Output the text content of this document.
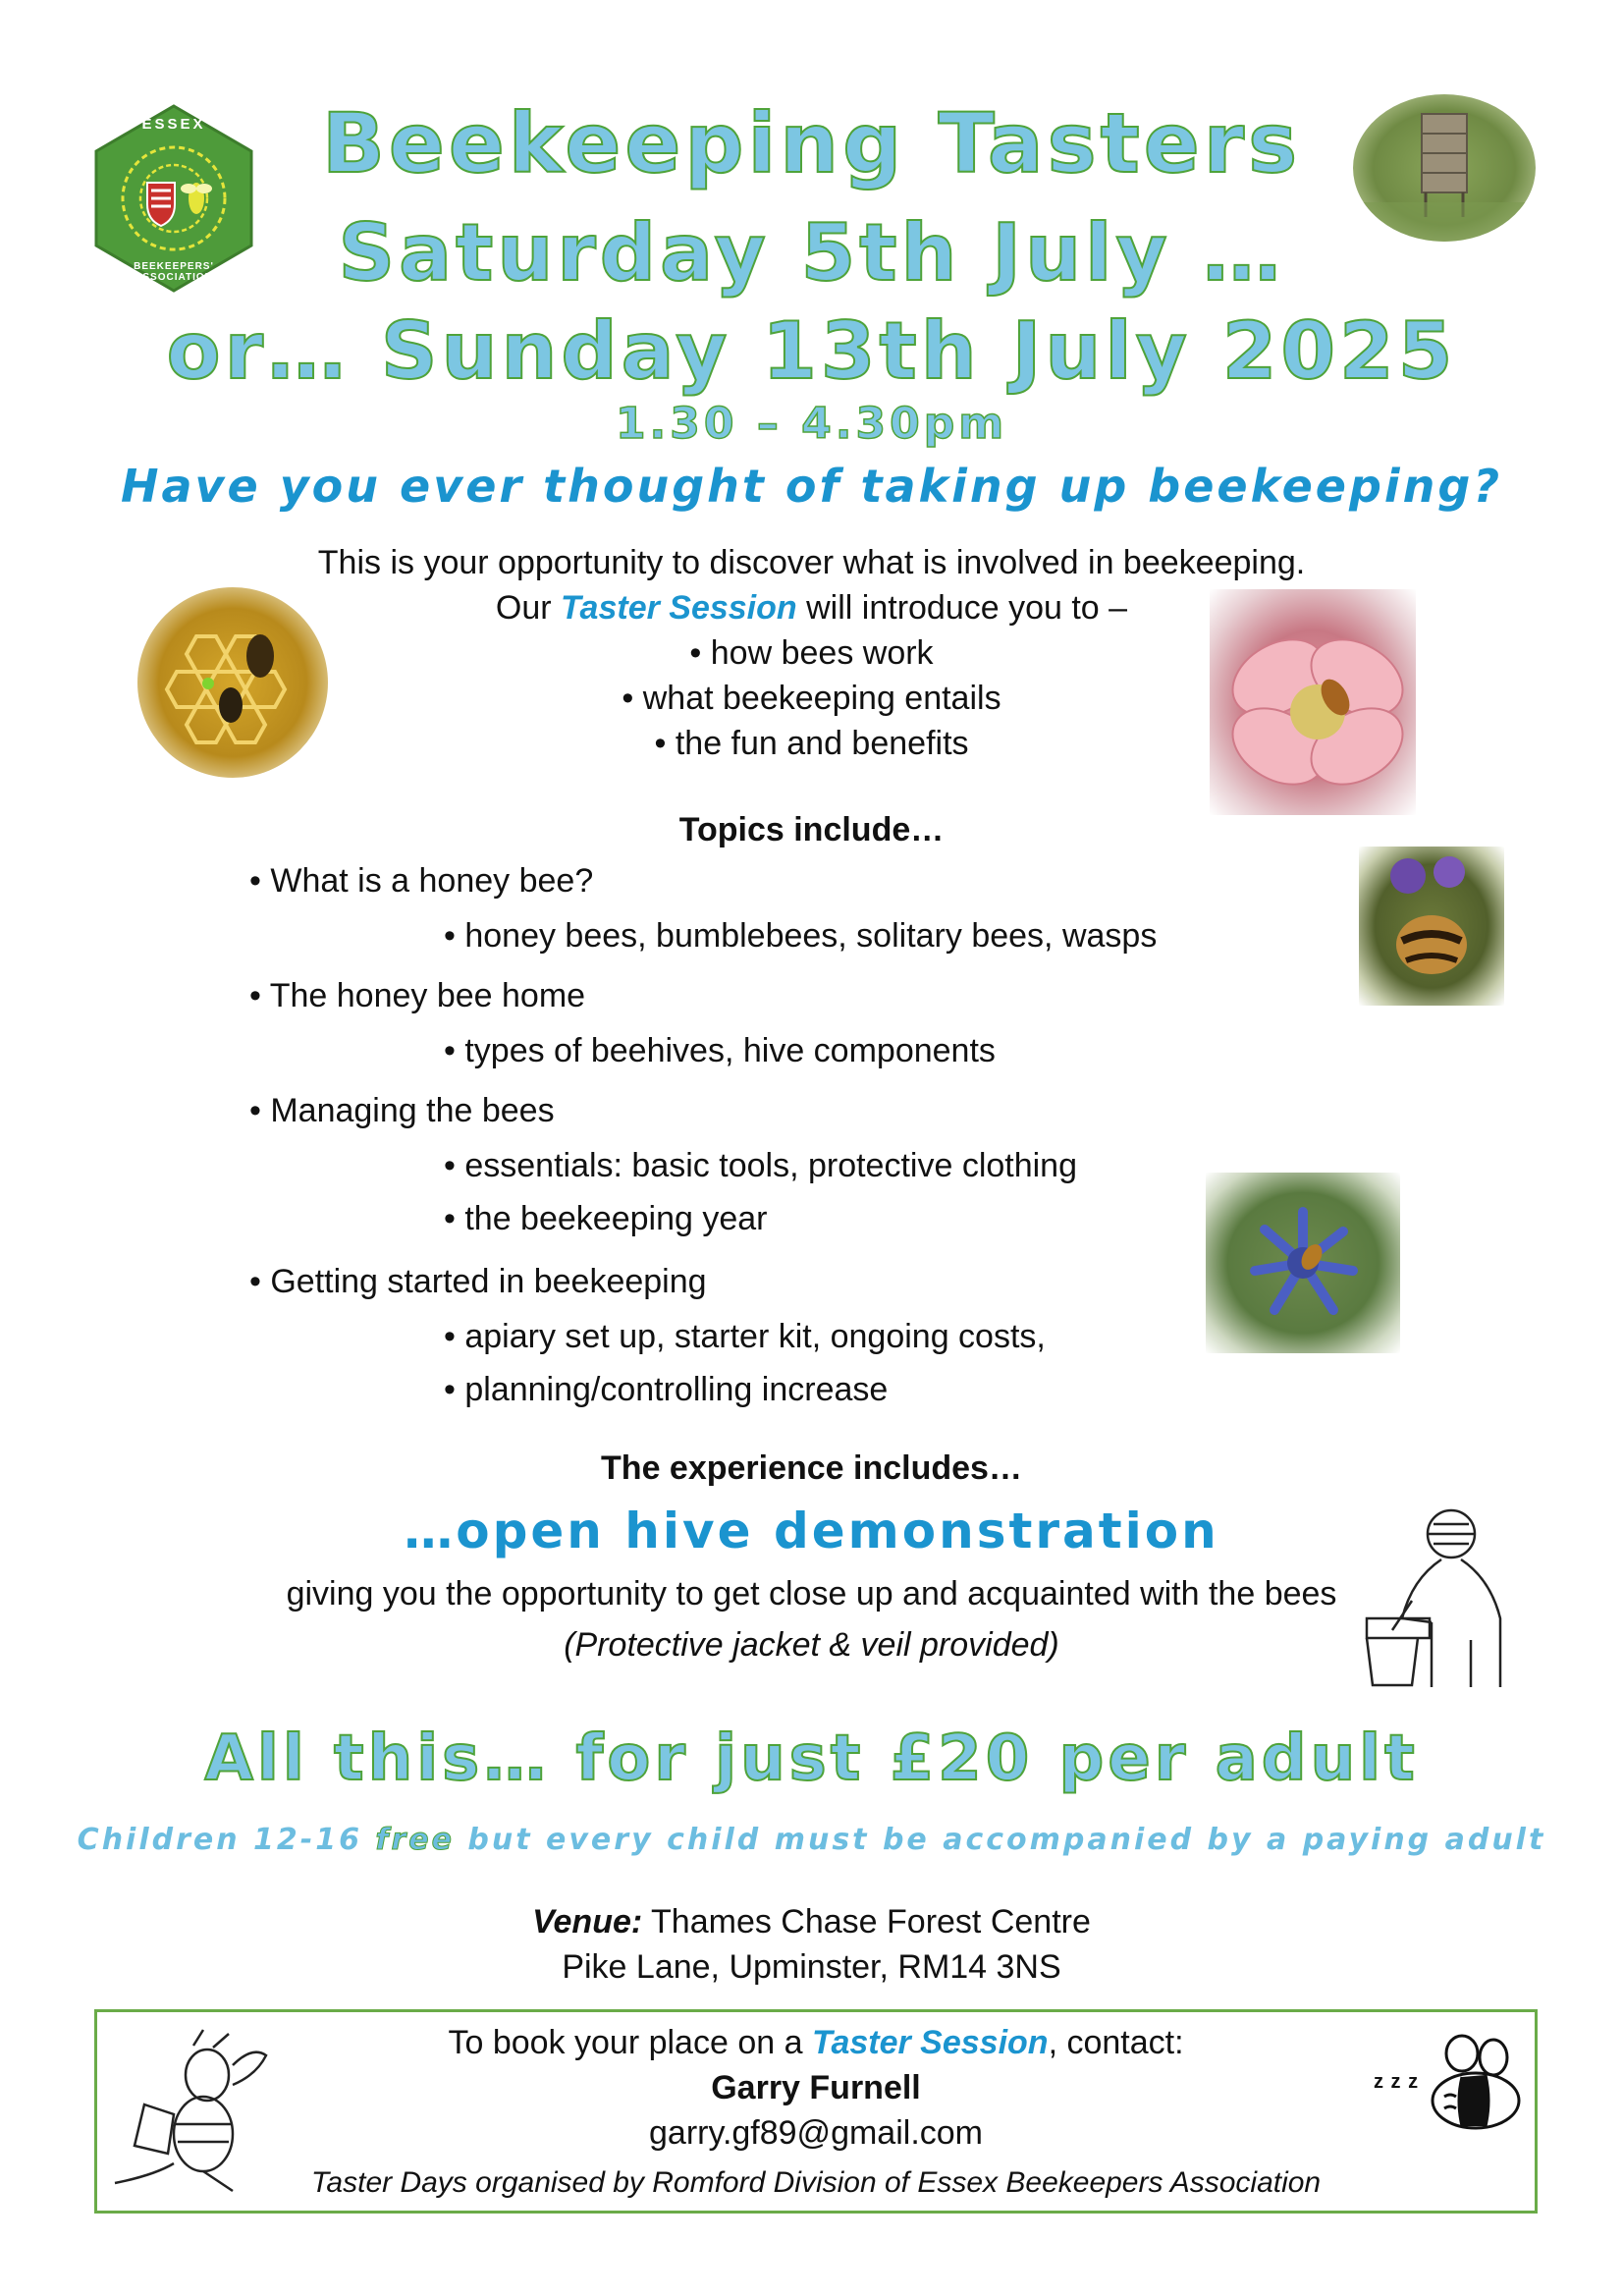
ESSEX
BEEKEEPERS' ASSOCIATION
Beekeeping Tasters
Saturday 5th July …
or… Sunday 13th July 2025
1.30 – 4.30pm
Have you ever thought of taking up beekeeping?
This is your opportunity to discover what is involved in beekeeping.
Our Taster Session will introduce you to –
• how bees work
• what beekeeping entails
• the fun and benefits
Topics include…
• What is a honey bee?
• honey bees, bumblebees, solitary bees, wasps
• The honey bee home
• types of beehives, hive components
• Managing the bees
• essentials: basic tools, protective clothing
• the beekeeping year
• Getting started in beekeeping
• apiary set up, starter kit, ongoing costs,
• planning/controlling increase
The experience includes…
…open hive demonstration
giving you the opportunity to get close up and acquainted with the bees
(Protective jacket & veil provided)
All this… for just £20 per adult
Children 12-16 free but every child must be accompanied by a paying adult
Venue: Thames Chase Forest Centre
Pike Lane, Upminster, RM14 3NS
To book your place on a Taster Session, contact:
Garry Furnell
garry.gf89@gmail.com
Taster Days organised by Romford Division of Essex Beekeepers Association
z z z
